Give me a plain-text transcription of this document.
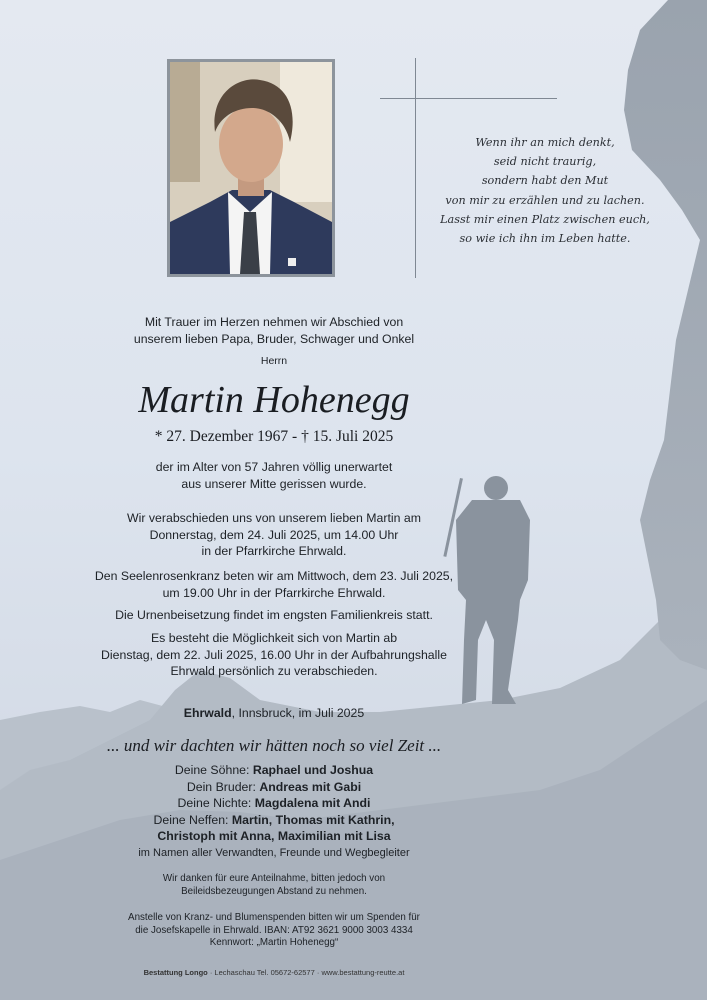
Wenn ihr an mich denkt,
seid nicht traurig,
sondern habt den Mut
von mir zu erzählen und zu lachen.
Lasst mir einen Platz zwischen euch,
so wie ich ihn im Leben hatte.
Mit Trauer im Herzen nehmen wir Abschied von
unserem lieben Papa, Bruder, Schwager und Onkel
Herrn
Martin Hohenegg
* 27. Dezember 1967 - † 15. Juli 2025
der im Alter von 57 Jahren völlig unerwartet
aus unserer Mitte gerissen wurde.
Wir verabschieden uns von unserem lieben Martin am
Donnerstag, dem 24. Juli 2025, um 14.00 Uhr
in der Pfarrkirche Ehrwald.
Den Seelenrosenkranz beten wir am Mittwoch, dem 23. Juli 2025,
um 19.00 Uhr in der Pfarrkirche Ehrwald.
Die Urnenbeisetzung findet im engsten Familienkreis statt.
Es besteht die Möglichkeit sich von Martin ab
Dienstag, dem 22. Juli 2025, 16.00 Uhr in der Aufbahrungshalle
Ehrwald persönlich zu verabschieden.
Ehrwald, Innsbruck, im Juli 2025
... und wir dachten wir hätten noch so viel Zeit ...
Deine Söhne: Raphael und Joshua
Dein Bruder: Andreas mit Gabi
Deine Nichte: Magdalena mit Andi
Deine Neffen: Martin, Thomas mit Kathrin,
Christoph mit Anna, Maximilian mit Lisa
im Namen aller Verwandten, Freunde und Wegbegleiter
Wir danken für eure Anteilnahme, bitten jedoch von
Beileidsbezeugungen Abstand zu nehmen.
Anstelle von Kranz- und Blumenspenden bitten wir um Spenden für
die Josefskapelle in Ehrwald. IBAN: AT92 3621 9000 3003 4334
Kennwort: „Martin Hohenegg“
Bestattung Longo · Lechaschau Tel. 05672-62577 · www.bestattung-reutte.at
